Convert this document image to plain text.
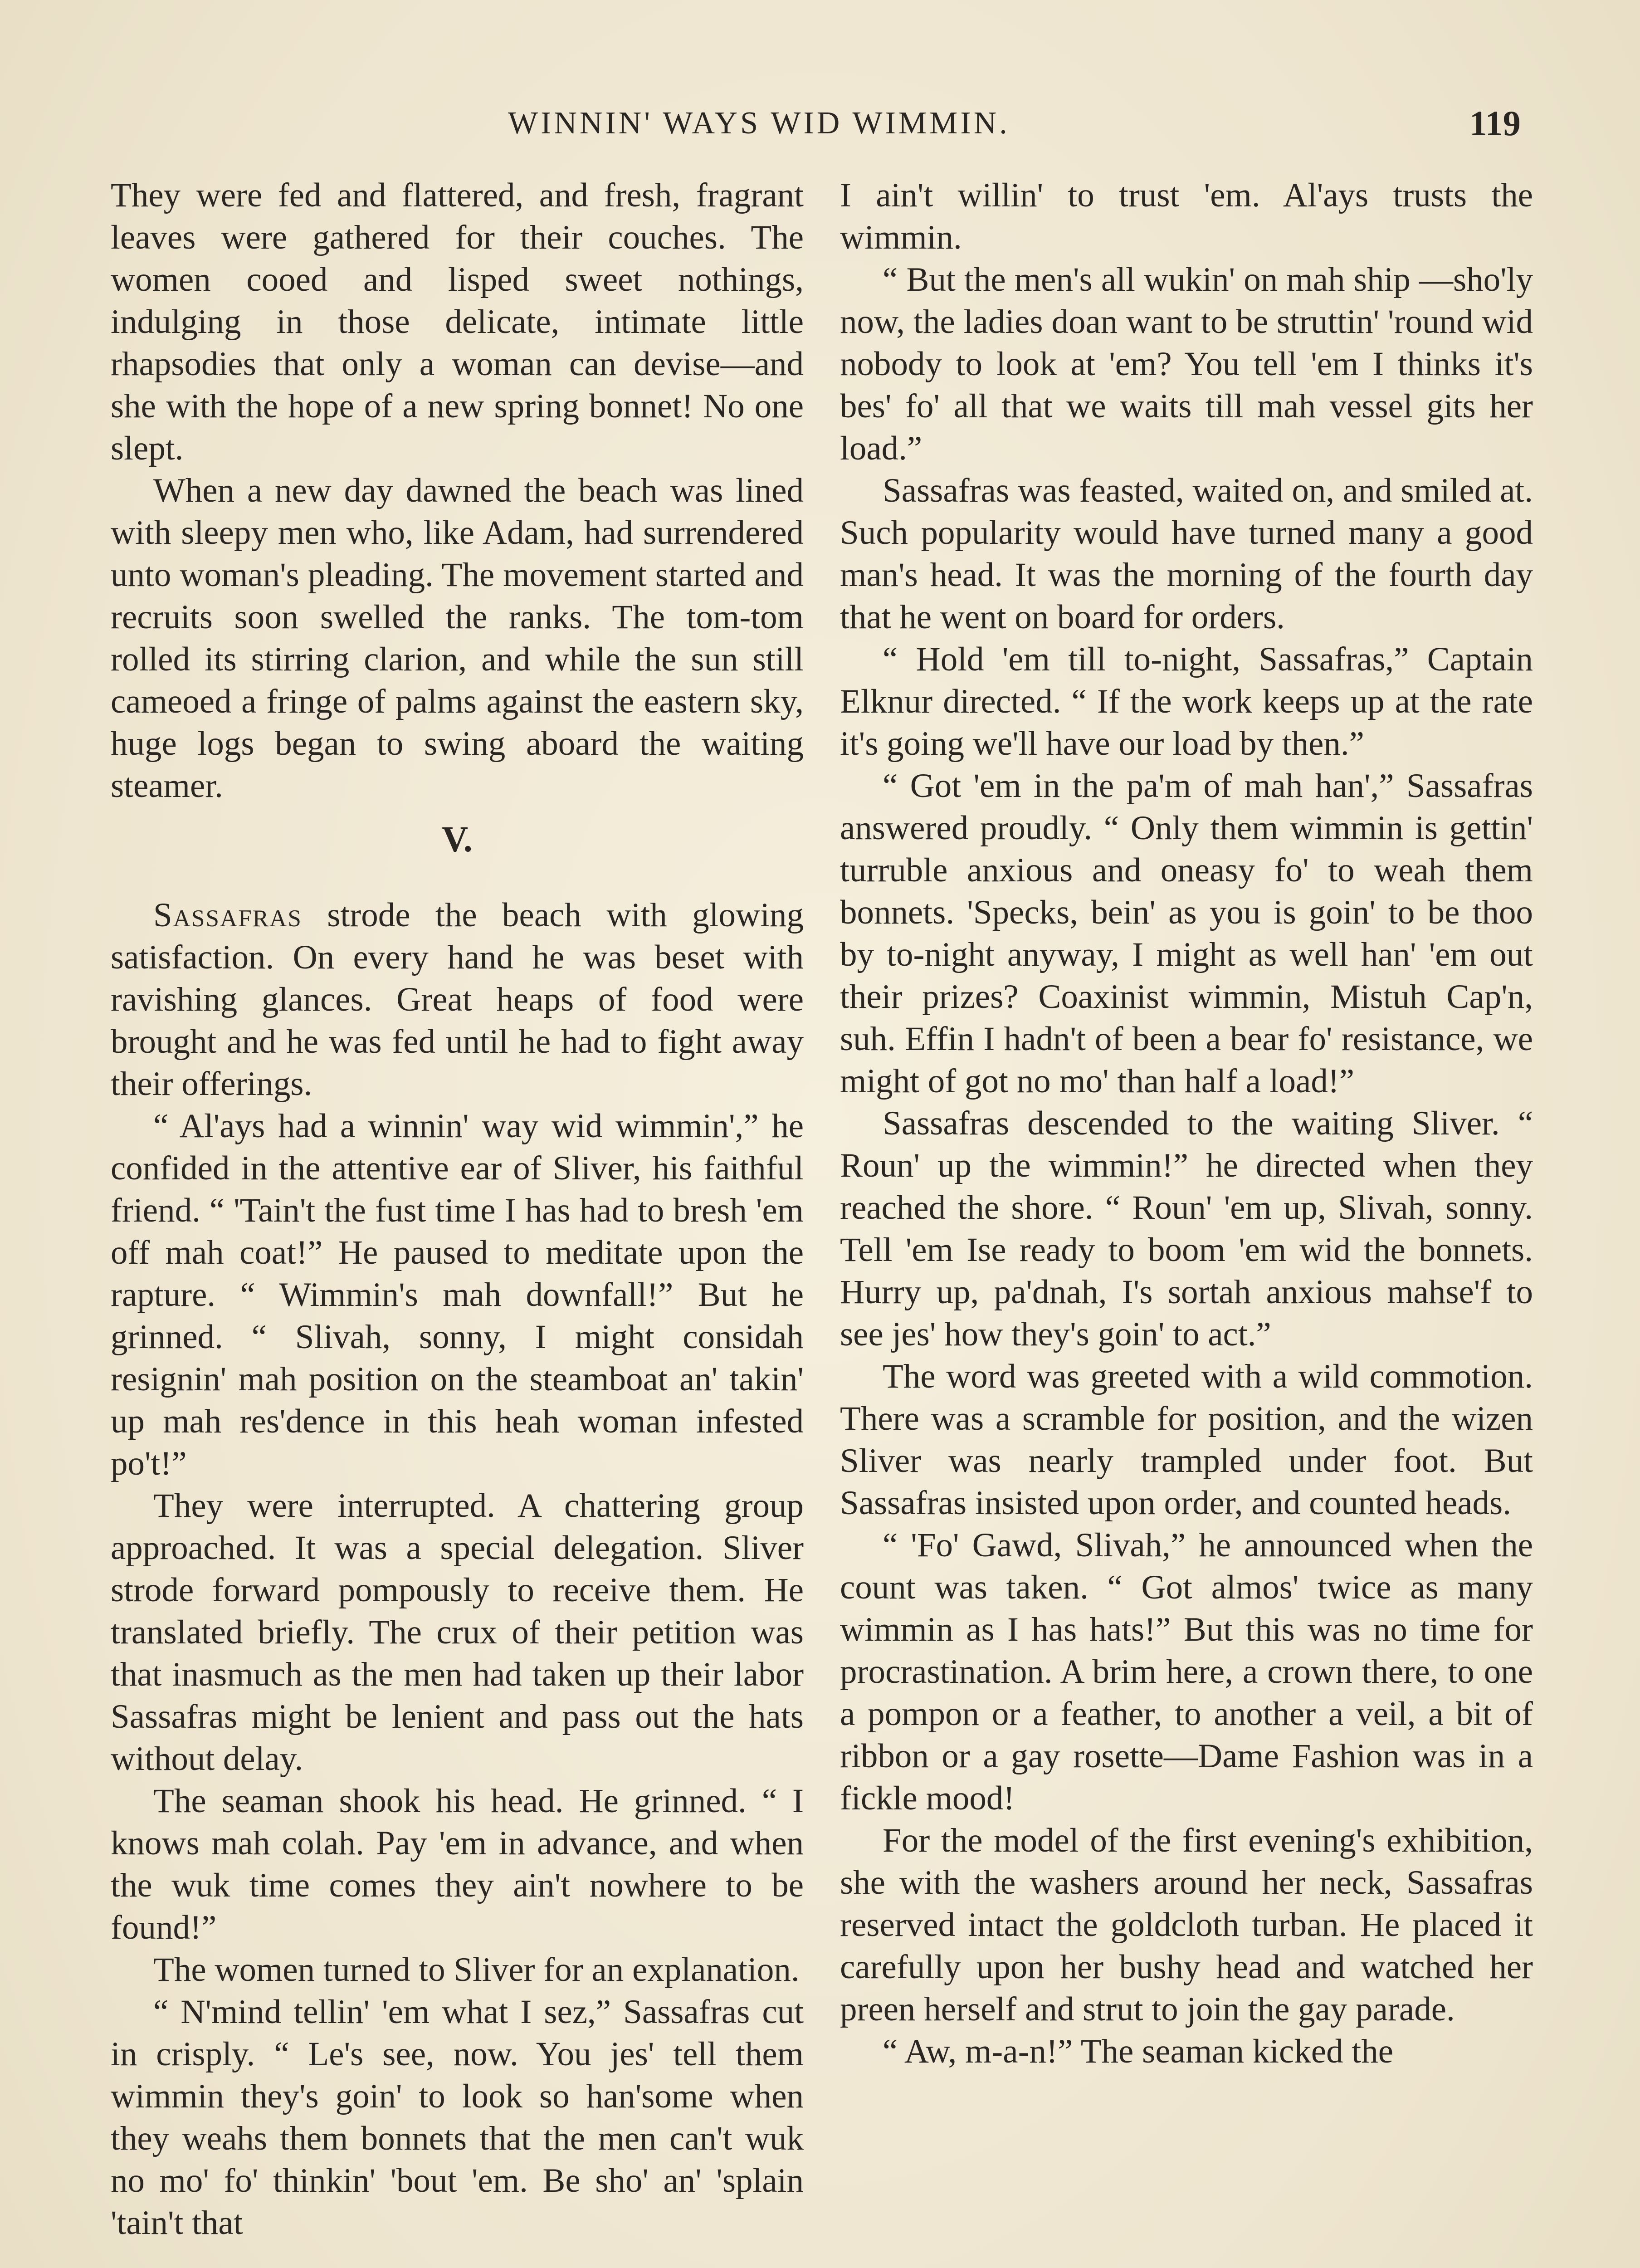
WINNIN' WAYS WID WIMMIN.	119

They were fed and flattered, and fresh, fragrant leaves were gathered for their couches. The women cooed and lisped sweet nothings, indulging in those delicate, intimate little rhapsodies that only a woman can devise—and she with the hope of a new spring bonnet! No one slept.

When a new day dawned the beach was lined with sleepy men who, like Adam, had surrendered unto woman's pleading. The movement started and recruits soon swelled the ranks. The tom-tom rolled its stirring clarion, and while the sun still cameoed a fringe of palms against the eastern sky, huge logs began to swing aboard the waiting steamer.

V.

Sassafras strode the beach with glowing satisfaction. On every hand he was beset with ravishing glances. Great heaps of food were brought and he was fed until he had to fight away their offerings.

“ Al'ays had a winnin' way wid wimmin',” he confided in the attentive ear of Sliver, his faithful friend. “ 'Tain't the fust time I has had to bresh 'em off mah coat!” He paused to meditate upon the rapture. “ Wimmin's mah downfall!” But he grinned. “ Slivah, sonny, I might considah resignin' mah position on the steamboat an' takin' up mah res'dence in this heah woman infested po't!”

They were interrupted. A chattering group approached. It was a special delegation. Sliver strode forward pompously to receive them. He translated briefly. The crux of their petition was that inasmuch as the men had taken up their labor Sassafras might be lenient and pass out the hats without delay.

The seaman shook his head. He grinned. “ I knows mah colah. Pay 'em in advance, and when the wuk time comes they ain't nowhere to be found!”

The women turned to Sliver for an explanation.

“ N'mind tellin' 'em what I sez,” Sassafras cut in crisply. “ Le's see, now. You jes' tell them wimmin they's goin' to look so han'some when they weahs them bonnets that the men can't wuk no mo' fo' thinkin' 'bout 'em. Be sho' an' 'splain 'tain't that

I ain't willin' to trust 'em. Al'ays trusts the wimmin.

“ But the men's all wukin' on mah ship —sho'ly now, the ladies doan want to be struttin' 'round wid nobody to look at 'em? You tell 'em I thinks it's bes' fo' all that we waits till mah vessel gits her load.”

Sassafras was feasted, waited on, and smiled at. Such popularity would have turned many a good man's head. It was the morning of the fourth day that he went on board for orders.

“ Hold 'em till to-night, Sassafras,” Captain Elknur directed. “ If the work keeps up at the rate it's going we'll have our load by then.”

“ Got 'em in the pa'm of mah han',” Sassafras answered proudly. “ Only them wimmin is gettin' turruble anxious and oneasy fo' to weah them bonnets. 'Specks, bein' as you is goin' to be thoo by to-night anyway, I might as well han' 'em out their prizes? Coaxinist wimmin, Mistuh Cap'n, suh. Effin I hadn't of been a bear fo' resistance, we might of got no mo' than half a load!”

Sassafras descended to the waiting Sliver. “ Roun' up the wimmin!” he directed when they reached the shore. “ Roun' 'em up, Slivah, sonny. Tell 'em Ise ready to boom 'em wid the bonnets. Hurry up, pa'dnah, I's sortah anxious mahse'f to see jes' how they's goin' to act.”

The word was greeted with a wild commotion. There was a scramble for position, and the wizen Sliver was nearly trampled under foot. But Sassafras insisted upon order, and counted heads.

“ 'Fo' Gawd, Slivah,” he announced when the count was taken. “ Got almos' twice as many wimmin as I has hats!” But this was no time for procrastination. A brim here, a crown there, to one a pompon or a feather, to another a veil, a bit of ribbon or a gay rosette—Dame Fashion was in a fickle mood!

For the model of the first evening's exhibition, she with the washers around her neck, Sassafras reserved intact the goldcloth turban. He placed it carefully upon her bushy head and watched her preen herself and strut to join the gay parade.

“ Aw, m-a-n!” The seaman kicked the
